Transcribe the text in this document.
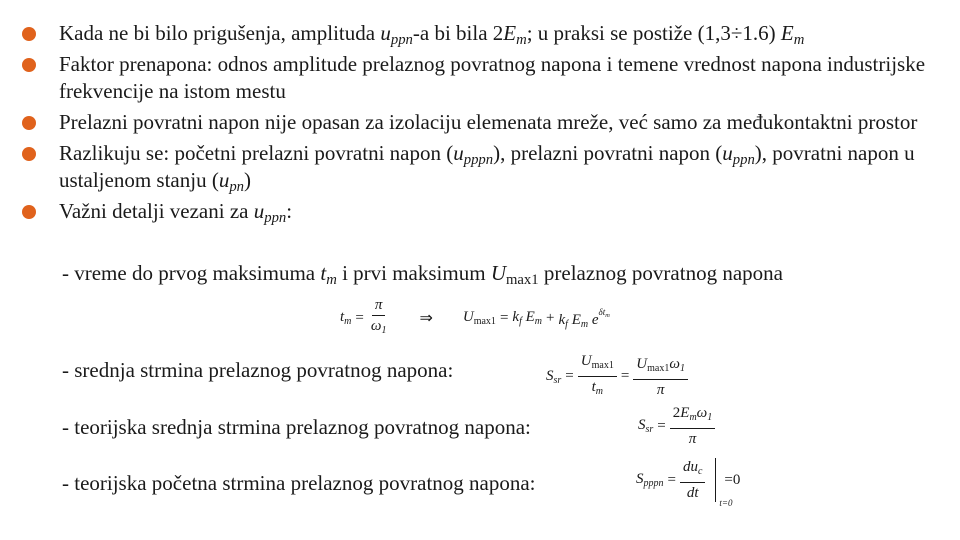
Kada ne bi bilo prigušenja, amplituda $u_{ppn}-a$ bi bila $2E_m$; u praksi se postiže (1,3÷1.6) $E_m$
Faktor prenapona: odnos amplitude prelaznog povratnog napona i temene vrednost napona industrijske frekvencije na istom mestu
Prelazni povratni napon nije opasan za izolaciju elemenata mreže, već samo za međukontaktni prostor
Razlikuju se: početni prelazni povratni napon $(u_{pppn})$, prelazni povratni napon $(u_{ppn})$, povratni napon u ustaljenom stanju $(u_{pn})$
Važni detalji vezani za $u_{ppn}$:
- vreme do prvog maksimuma $t_m$ i prvi maksimum $U_{max1}$ prelaznog povratnog napona
$t_m = \frac{\pi}{\omega_1}$ ⇒ $U_{max1} = k_f$ $E_m + k_f$ $E_m$ $e^{\delta t_m}$
- srednja strmina prelaznog povratnog napona:	$S_{sr} = \frac{U_{max1}}{t_m} = \frac{U_{max1}\omega_1}{\pi}$
- teorijska srednja strmina prelaznog povratnog napona:	$S_{sr} = \frac{2E_m\omega_1}{\pi}$
- teorijska početna strmina prelaznog povratnog napona:	$S_{pppn} = \frac{du_c}{dt}$
t=0
=0
